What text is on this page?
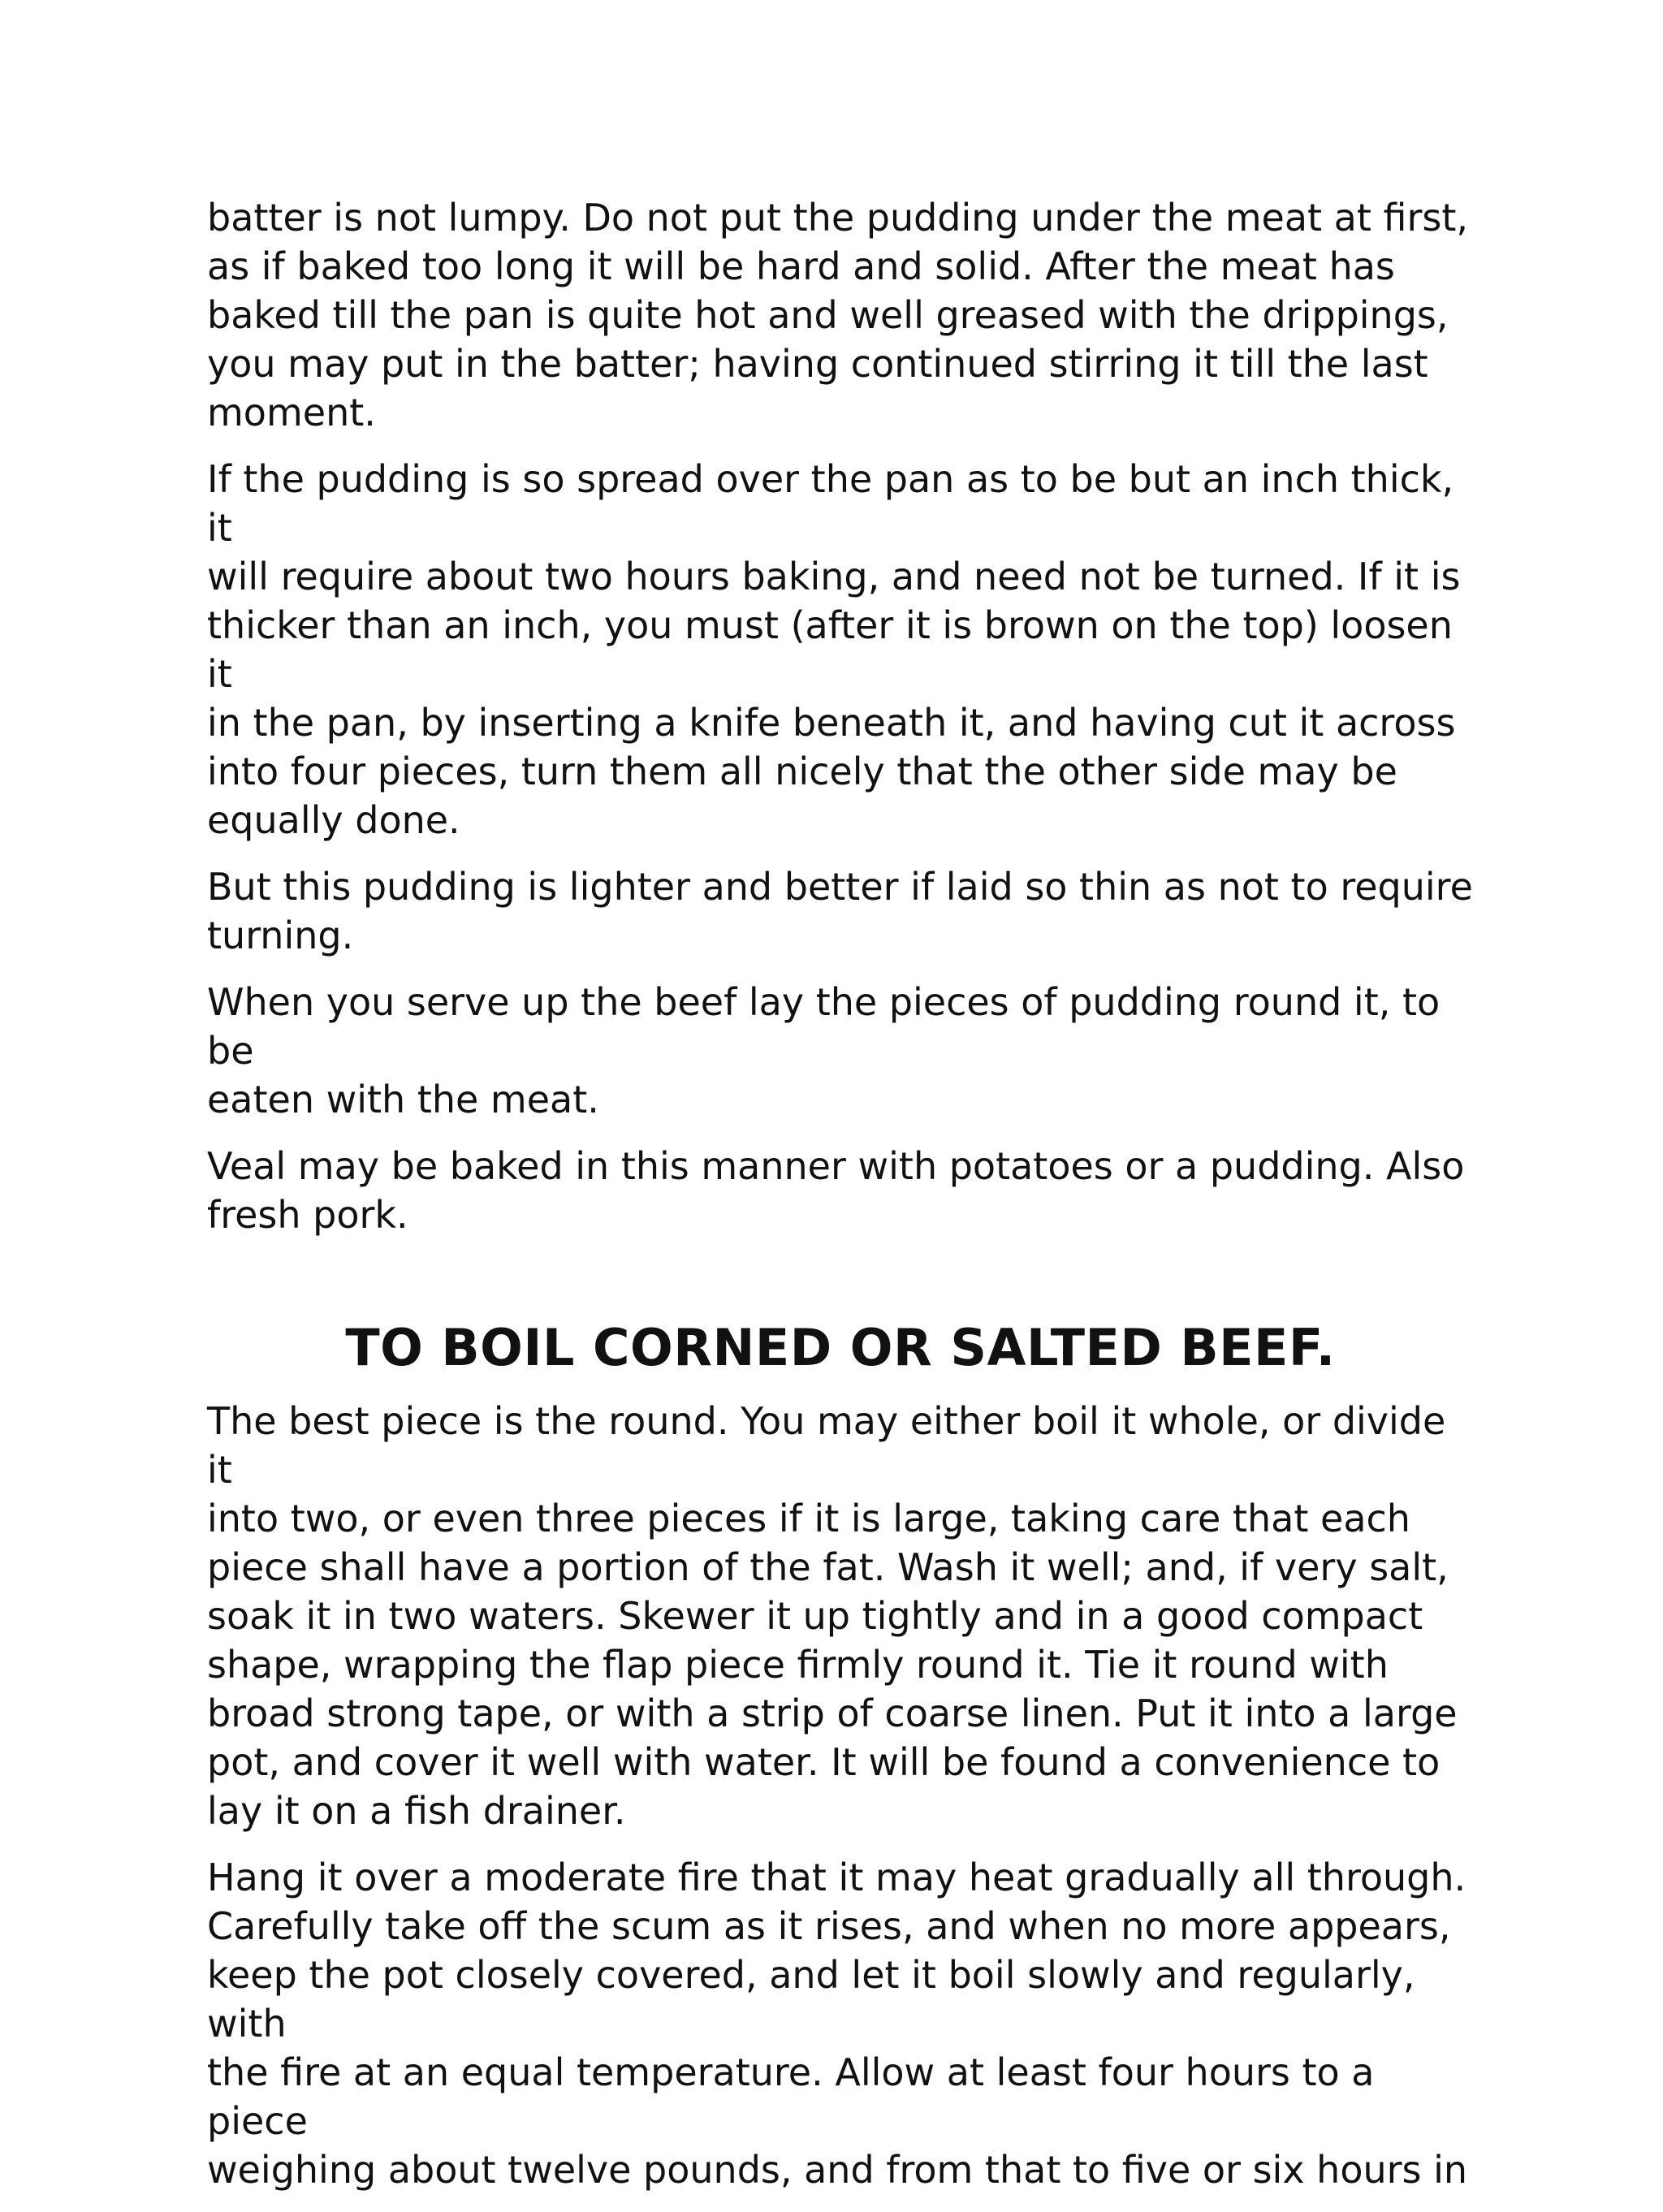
batter is not lumpy. Do not put the pudding under the meat at first,
as if baked too long it will be hard and solid. After the meat has
baked till the pan is quite hot and well greased with the drippings,
you may put in the batter; having continued stirring it till the last
moment.

If the pudding is so spread over the pan as to be but an inch thick, it
will require about two hours baking, and need not be turned. If it is
thicker than an inch, you must (after it is brown on the top) loosen it
in the pan, by inserting a knife beneath it, and having cut it across
into four pieces, turn them all nicely that the other side may be
equally done.

But this pudding is lighter and better if laid so thin as not to require
turning.

When you serve up the beef lay the pieces of pudding round it, to be
eaten with the meat.

Veal may be baked in this manner with potatoes or a pudding. Also
fresh pork.

TO BOIL CORNED OR SALTED BEEF.

The best piece is the round. You may either boil it whole, or divide it
into two, or even three pieces if it is large, taking care that each
piece shall have a portion of the fat. Wash it well; and, if very salt,
soak it in two waters. Skewer it up tightly and in a good compact
shape, wrapping the flap piece firmly round it. Tie it round with
broad strong tape, or with a strip of coarse linen. Put it into a large
pot, and cover it well with water. It will be found a convenience to
lay it on a fish drainer.

Hang it over a moderate fire that it may heat gradually all through.
Carefully take off the scum as it rises, and when no more appears,
keep the pot closely covered, and let it boil slowly and regularly, with
the fire at an equal temperature. Allow at least four hours to a piece
weighing about twelve pounds, and from that to five or six hours in
